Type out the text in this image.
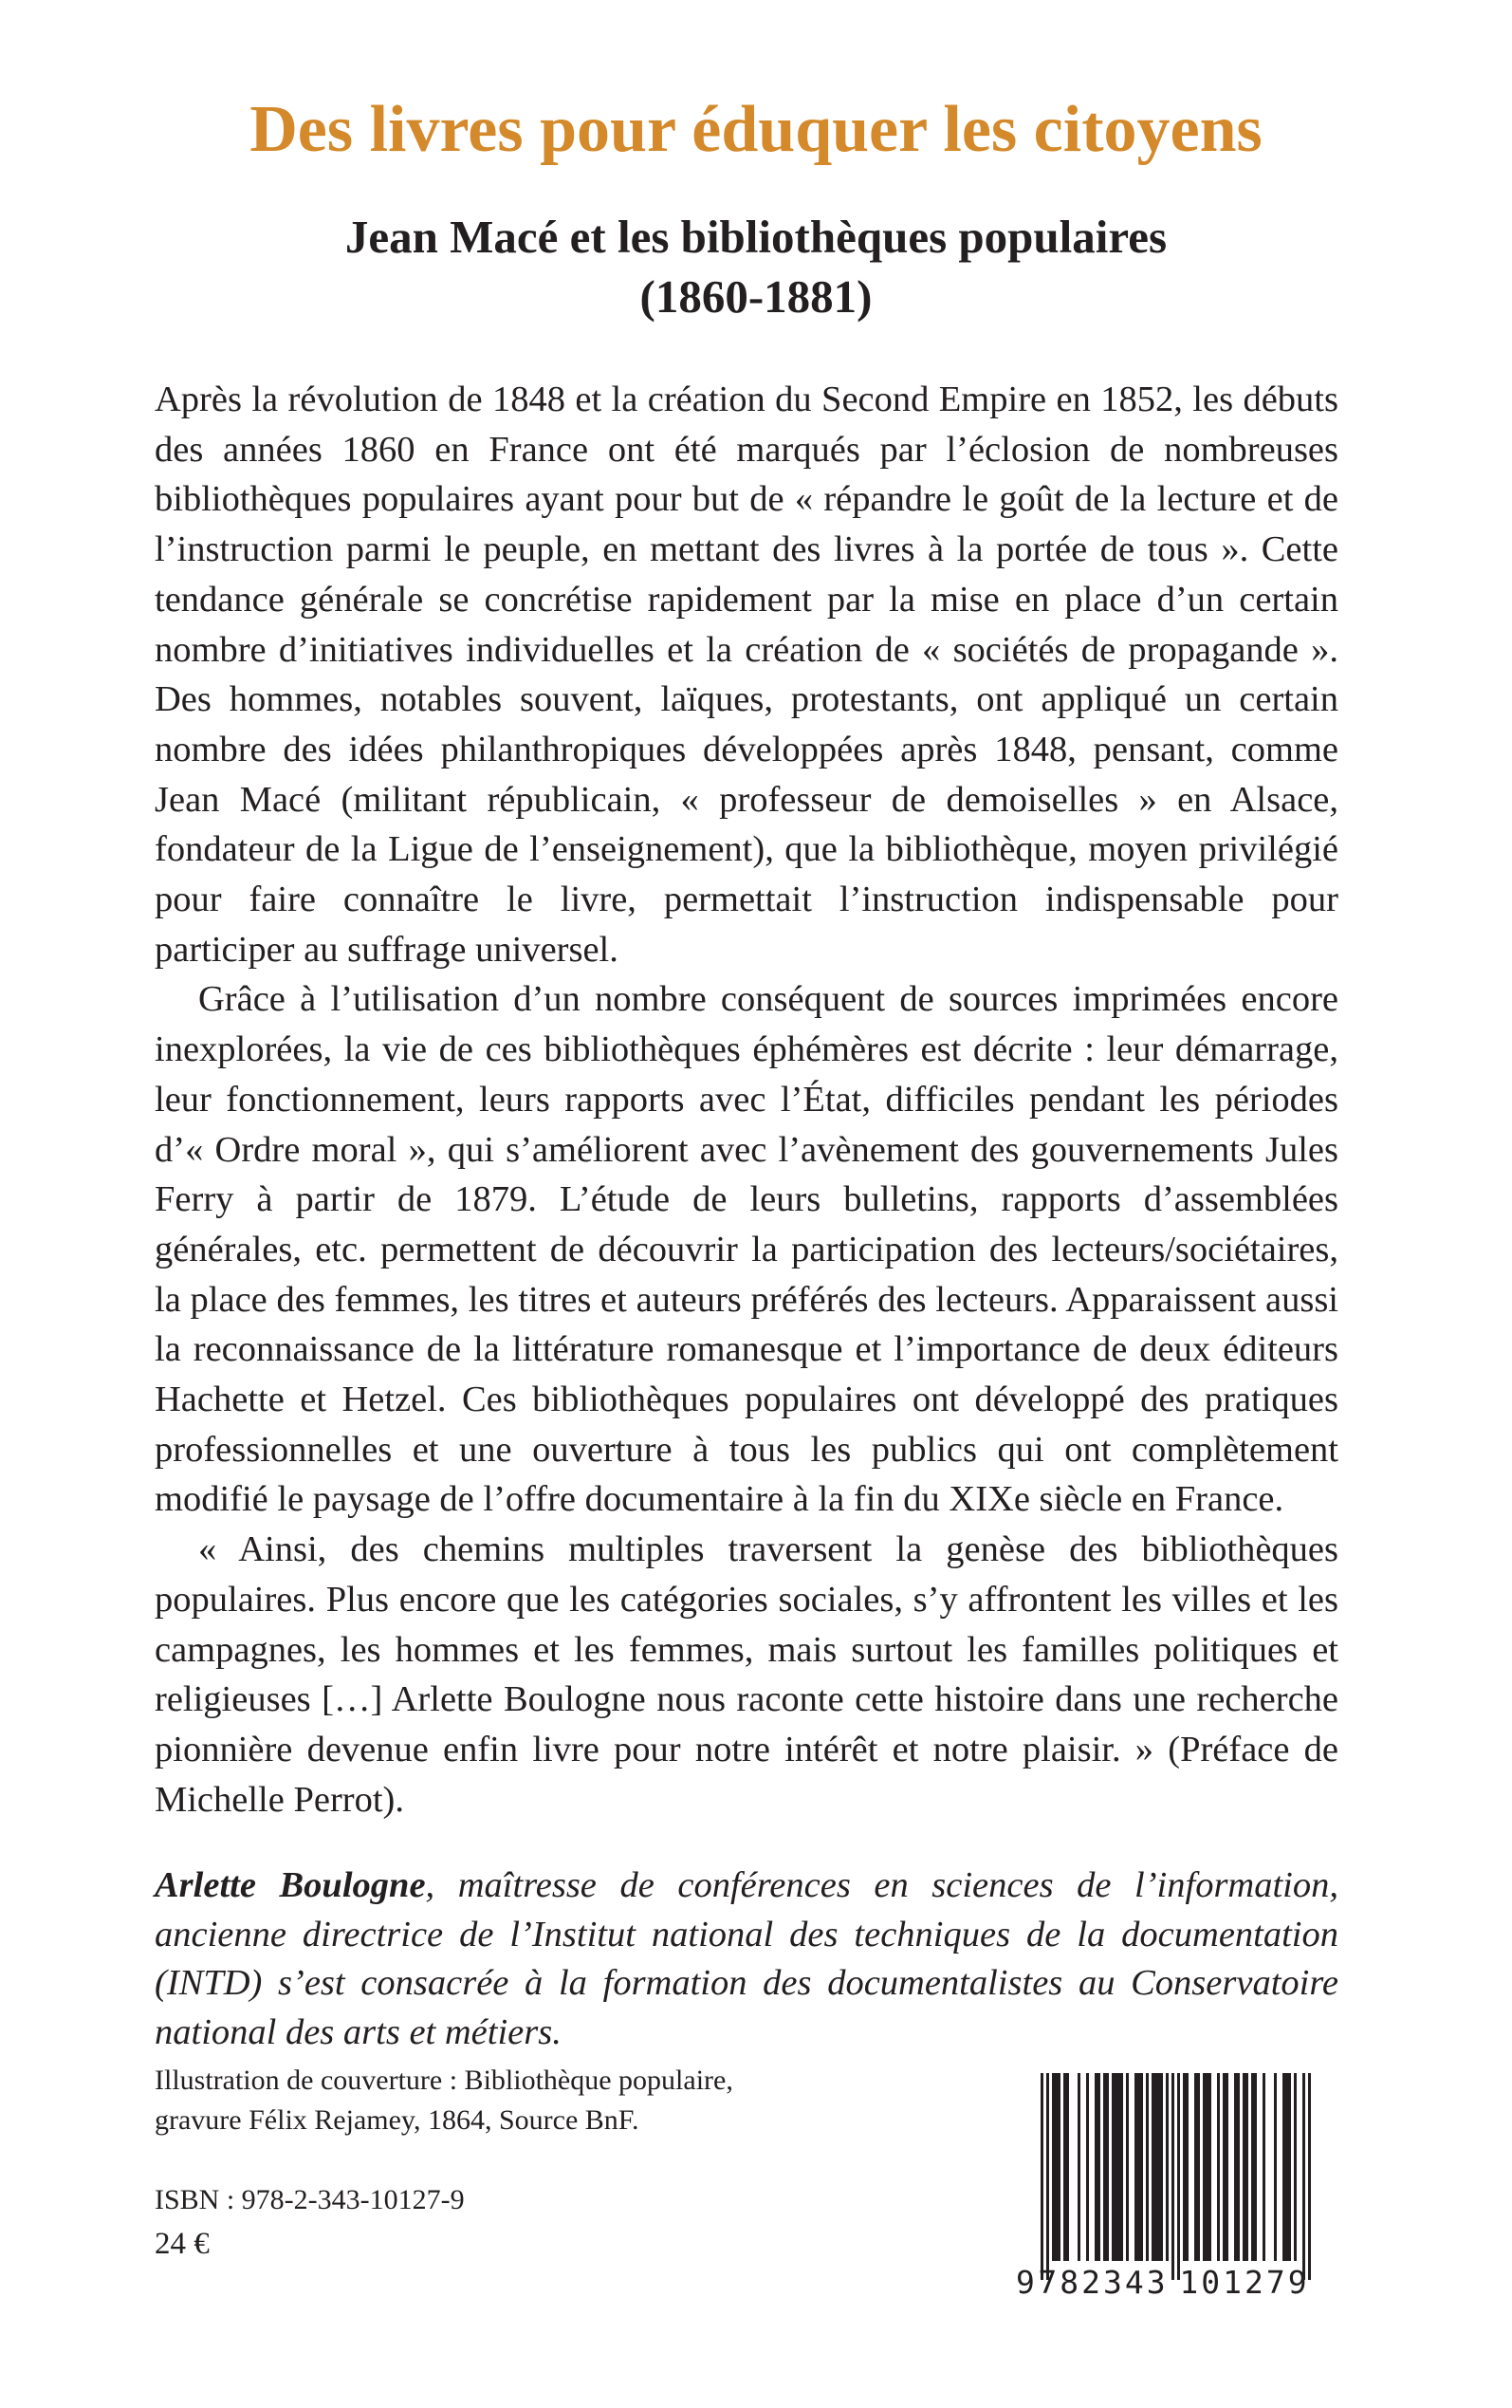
Des livres pour éduquer les citoyens
Jean Macé et les bibliothèques populaires
(1860-1881)

Après la révolution de 1848 et la création du Second Empire en 1852, les débuts des années 1860 en France ont été marqués par l’éclosion de nombreuses bibliothèques populaires ayant pour but de « répandre le goût de la lecture et de l’instruction parmi le peuple, en mettant des livres à la portée de tous ». Cette tendance générale se concrétise rapidement par la mise en place d’un certain nombre d’initiatives individuelles et la création de « sociétés de propagande ». Des hommes, notables souvent, laïques, protestants, ont appliqué un certain nombre des idées philanthropiques développées après 1848, pensant, comme Jean Macé (militant républicain, « professeur de demoiselles » en Alsace, fondateur de la Ligue de l’enseignement), que la bibliothèque, moyen privilégié pour faire connaître le livre, permettait l’instruction indispensable pour participer au suffrage universel.

Grâce à l’utilisation d’un nombre conséquent de sources imprimées encore inexplorées, la vie de ces bibliothèques éphémères est décrite : leur démarrage, leur fonctionnement, leurs rapports avec l’État, difficiles pendant les périodes d’« Ordre moral », qui s’améliorent avec l’avènement des gouvernements Jules Ferry à partir de 1879. L’étude de leurs bulletins, rapports d’assemblées générales, etc. permettent de découvrir la participation des lecteurs/sociétaires, la place des femmes, les titres et auteurs préférés des lecteurs. Apparaissent aussi la reconnaissance de la littérature romanesque et l’importance de deux éditeurs Hachette et Hetzel. Ces bibliothèques populaires ont développé des pratiques professionnelles et une ouverture à tous les publics qui ont complètement modifié le paysage de l’offre documentaire à la fin du XIXe siècle en France.

« Ainsi, des chemins multiples traversent la genèse des bibliothèques populaires. Plus encore que les catégories sociales, s’y affrontent les villes et les campagnes, les hommes et les femmes, mais surtout les familles politiques et religieuses […] Arlette Boulogne nous raconte cette histoire dans une recherche pionnière devenue enfin livre pour notre intérêt et notre plaisir. » (Préface de Michelle Perrot).

Arlette Boulogne, maîtresse de conférences en sciences de l’information, ancienne directrice de l’Institut national des techniques de la documentation (INTD) s’est consacrée à la formation des documentalistes au Conservatoire national des arts et métiers.

Illustration de couverture : Bibliothèque populaire,
gravure Félix Rejamey, 1864, Source BnF.

ISBN : 978-2-343-10127-9

24 €

9 782343 101279
